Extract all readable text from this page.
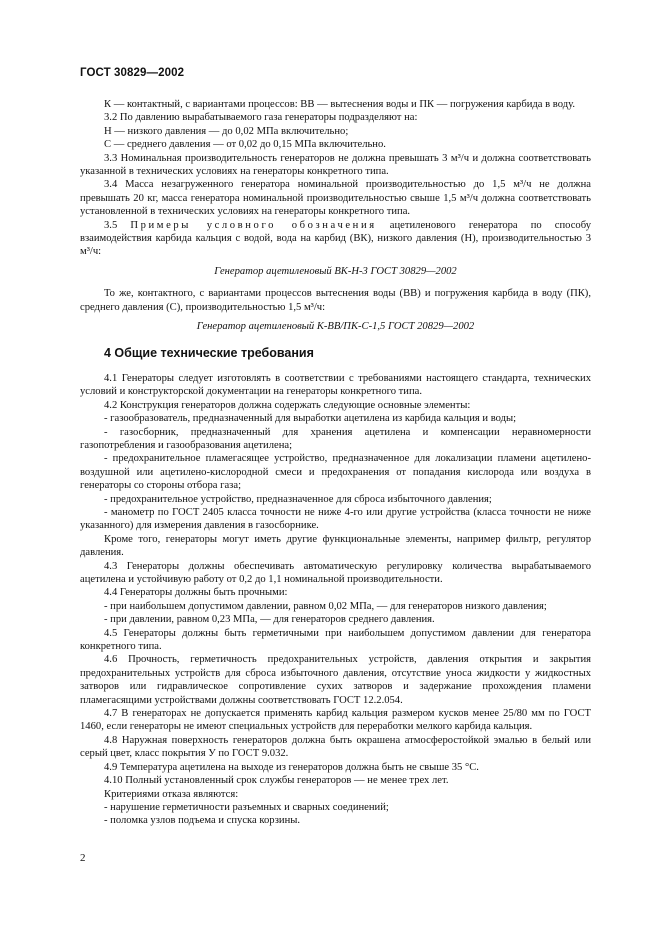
ГОСТ 30829—2002

К — контактный, с вариантами процессов: ВВ — вытеснения воды и ПК — погружения карбида в воду.

3.2 По давлению вырабатываемого газа генераторы подразделяют на:

Н — низкого давления — до 0,02 МПа включительно;

С — среднего давления — от 0,02 до 0,15 МПа включительно.

3.3 Номинальная производительность генераторов не должна превышать 3 м³/ч и должна соответствовать указанной в технических условиях на генераторы конкретного типа.

3.4 Масса незагруженного генератора номинальной производительностью до 1,5 м³/ч не должна превышать 20 кг, масса генератора номинальной производительностью свыше 1,5 м³/ч должна соответствовать установленной в технических условиях на генераторы конкретного типа.

3.5 Примеры условного обозначения ацетиленового генератора по способу взаимодействия карбида кальция с водой, вода на карбид (ВК), низкого давления (Н), производительностью 3 м³/ч:

Генератор ацетиленовый ВК-Н-3 ГОСТ 30829—2002

То же, контактного, с вариантами процессов вытеснения воды (ВВ) и погружения карбида в воду (ПК), среднего давления (С), производительностью 1,5 м³/ч:

Генератор ацетиленовый К-ВВ/ПК-С-1,5 ГОСТ 20829—2002

4 Общие технические требования

4.1 Генераторы следует изготовлять в соответствии с требованиями настоящего стандарта, технических условий и конструкторской документации на генераторы конкретного типа.

4.2 Конструкция генераторов должна содержать следующие основные элементы:

- газообразователь, предназначенный для выработки ацетилена из карбида кальция и воды;

- газосборник, предназначенный для хранения ацетилена и компенсации неравномерности газопотребления и газообразования ацетилена;

- предохранительное пламегасящее устройство, предназначенное для локализации пламени ацетилено-воздушной или ацетилено-кислородной смеси и предохранения от попадания кислорода или воздуха в генераторы со стороны отбора газа;

- предохранительное устройство, предназначенное для сброса избыточного давления;

- манометр по ГОСТ 2405 класса точности не ниже 4-го или другие устройства (класса точности не ниже указанного) для измерения давления в газосборнике.

Кроме того, генераторы могут иметь другие функциональные элементы, например фильтр, регулятор давления.

4.3 Генераторы должны обеспечивать автоматическую регулировку количества вырабатываемого ацетилена и устойчивую работу от 0,2 до 1,1 номинальной производительности.

4.4 Генераторы должны быть прочными:

- при наибольшем допустимом давлении, равном 0,02 МПа, — для генераторов низкого давления;

- при давлении, равном 0,23 МПа, — для генераторов среднего давления.

4.5 Генераторы должны быть герметичными при наибольшем допустимом давлении для генератора конкретного типа.

4.6 Прочность, герметичность предохранительных устройств, давления открытия и закрытия предохранительных устройств для сброса избыточного давления, отсутствие уноса жидкости у жидкостных затворов или гидравлическое сопротивление сухих затворов и задержание прохождения пламени пламегасящими устройствами должны соответствовать ГОСТ 12.2.054.

4.7 В генераторах не допускается применять карбид кальция размером кусков менее 25/80 мм по ГОСТ 1460, если генераторы не имеют специальных устройств для переработки мелкого карбида кальция.

4.8 Наружная поверхность генераторов должна быть окрашена атмосферостойкой эмалью в белый или серый цвет, класс покрытия У по ГОСТ 9.032.

4.9 Температура ацетилена на выходе из генераторов должна быть не свыше 35 °С.

4.10 Полный установленный срок службы генераторов — не менее трех лет.

Критериями отказа являются:

- нарушение герметичности разъемных и сварных соединений;

- поломка узлов подъема и спуска корзины.

2
